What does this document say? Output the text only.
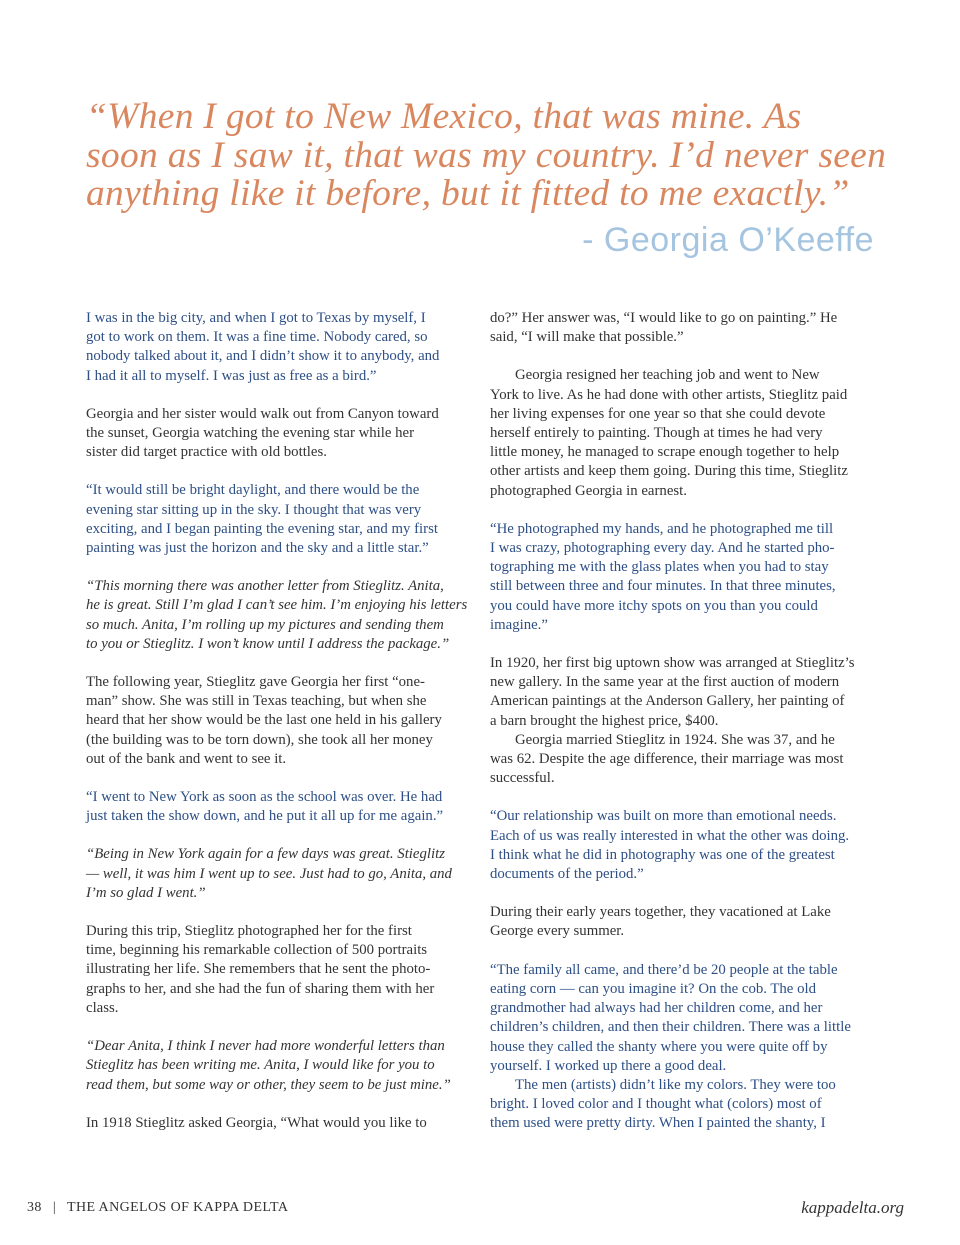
“When I got to New Mexico, that was mine. As
soon as I saw it, that was my country. I’d never seen
anything like it before, but it fitted to me exactly.”
- Georgia O’Keeffe
I was in the big city, and when I got to Texas by myself, I
got to work on them. It was a fine time. Nobody cared, so
nobody talked about it, and I didn’t show it to anybody, and
I had it all to myself. I was just as free as a bird.”
Georgia and her sister would walk out from Canyon toward
the sunset, Georgia watching the evening star while her
sister did target practice with old bottles.
“It would still be bright daylight, and there would be the
evening star sitting up in the sky. I thought that was very
exciting, and I began painting the evening star, and my first
painting was just the horizon and the sky and a little star.”
“This morning there was another letter from Stieglitz. Anita,
he is great. Still I’m glad I can’t see him. I’m enjoying his letters
so much. Anita, I’m rolling up my pictures and sending them
to you or Stieglitz. I won’t know until I address the package.”
The following year, Stieglitz gave Georgia her first “one-
man” show. She was still in Texas teaching, but when she
heard that her show would be the last one held in his gallery
(the building was to be torn down), she took all her money
out of the bank and went to see it.
“I went to New York as soon as the school was over. He had
just taken the show down, and he put it all up for me again.”
“Being in New York again for a few days was great. Stieglitz
— well, it was him I went up to see. Just had to go, Anita, and
I’m so glad I went.”
During this trip, Stieglitz photographed her for the first
time, beginning his remarkable collection of 500 portraits
illustrating her life. She remembers that he sent the photo-
graphs to her, and she had the fun of sharing them with her
class.
“Dear Anita, I think I never had more wonderful letters than
Stieglitz has been writing me. Anita, I would like for you to
read them, but some way or other, they seem to be just mine.”
In 1918 Stieglitz asked Georgia, “What would you like to
do?” Her answer was, “I would like to go on painting.” He
said, “I will make that possible.”
Georgia resigned her teaching job and went to New
York to live. As he had done with other artists, Stieglitz paid
her living expenses for one year so that she could devote
herself entirely to painting. Though at times he had very
little money, he managed to scrape enough together to help
other artists and keep them going. During this time, Stieglitz
photographed Georgia in earnest.
“He photographed my hands, and he photographed me till
I was crazy, photographing every day. And he started pho-
tographing me with the glass plates when you had to stay
still between three and four minutes. In that three minutes,
you could have more itchy spots on you than you could
imagine.”
In 1920, her first big uptown show was arranged at Stieglitz’s
new gallery. In the same year at the first auction of modern
American paintings at the Anderson Gallery, her painting of
a barn brought the highest price, $400.
Georgia married Stieglitz in 1924. She was 37, and he
was 62. Despite the age difference, their marriage was most
successful.
“Our relationship was built on more than emotional needs.
Each of us was really interested in what the other was doing.
I think what he did in photography was one of the greatest
documents of the period.”
During their early years together, they vacationed at Lake
George every summer.
“The family all came, and there’d be 20 people at the table
eating corn — can you imagine it? On the cob. The old
grandmother had always had her children come, and her
children’s children, and then their children. There was a little
house they called the shanty where you were quite off by
yourself. I worked up there a good deal.
The men (artists) didn’t like my colors. They were too
bright. I loved color and I thought what (colors) most of
them used were pretty dirty. When I painted the shanty, I
38 | THE ANGELOS OF KAPPA DELTA	kappadelta.org
